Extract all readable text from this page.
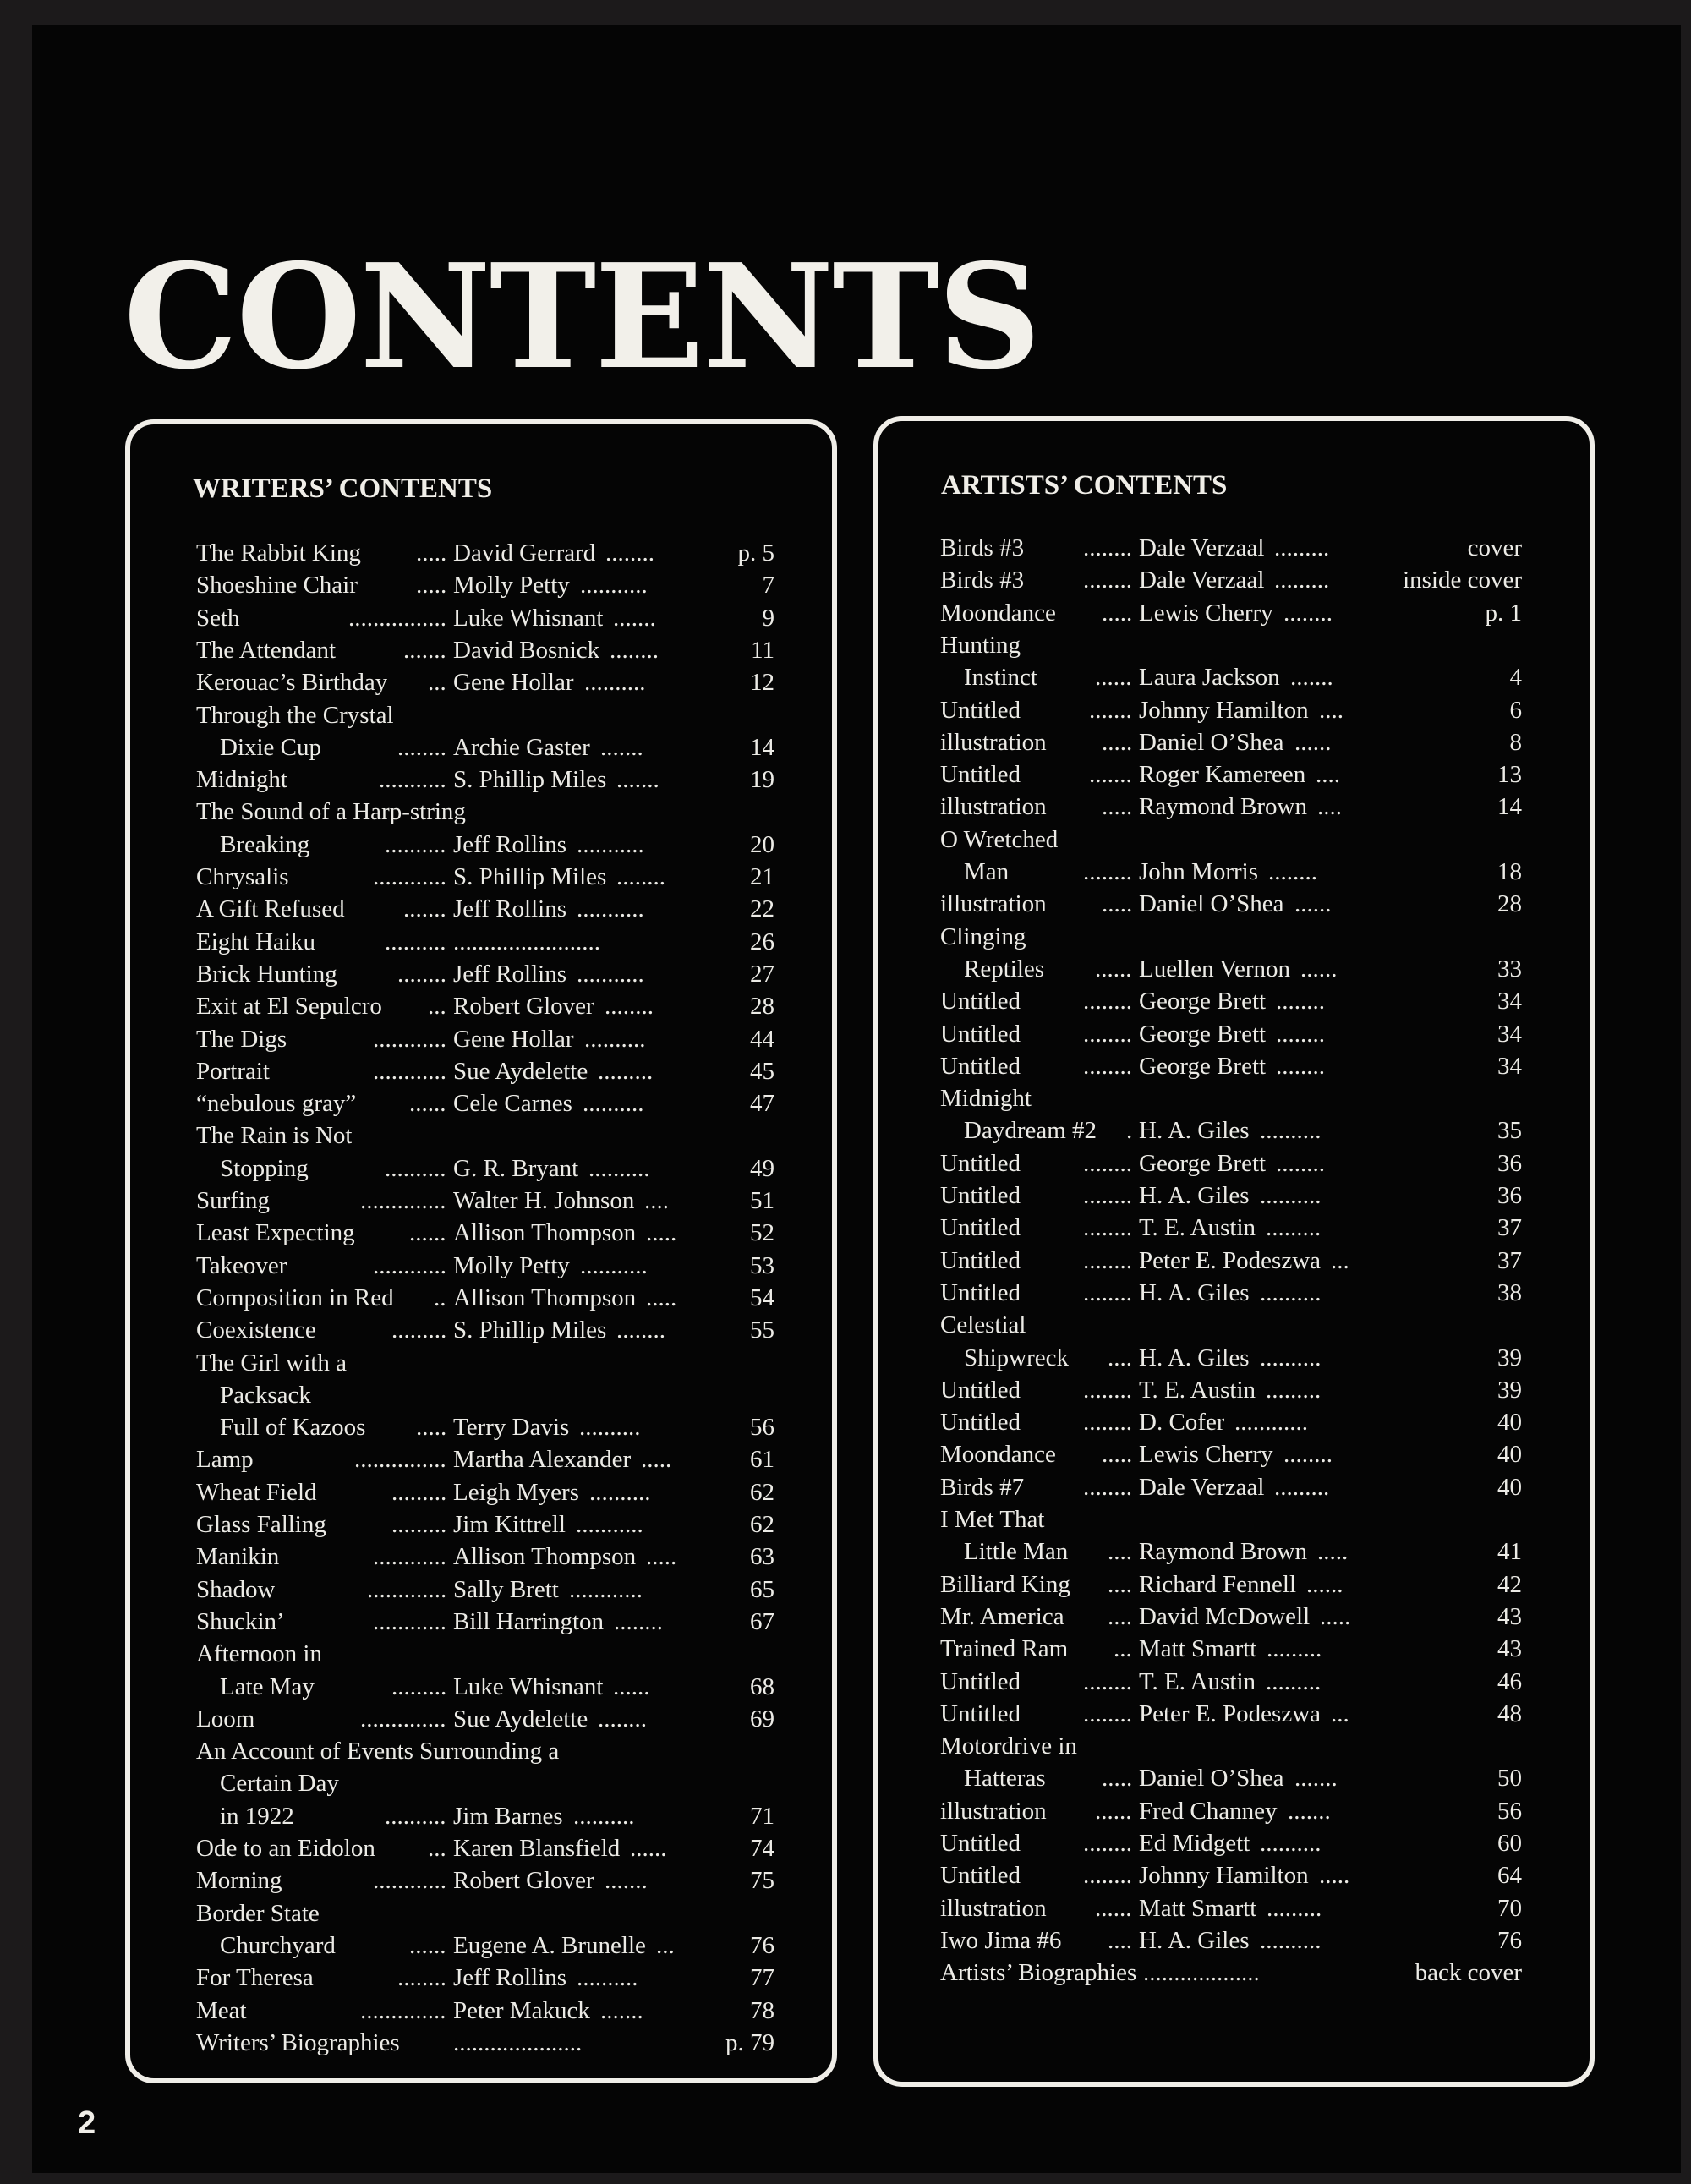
CONTENTS
WRITERS’ CONTENTS
The Rabbit King ..... David Gerrard ........	p. 5
Shoeshine Chair ..... Molly Petty ...........	7
Seth	................ Luke Whisnant .......	9
The Attendant	....... David Bosnick ........	11
Kerouac’s Birthday ... Gene Hollar ..........	12
Through the Crystal
Dixie Cup	........ Archie Gaster .......	14
Midnight	........... S. Phillip Miles .......	19
The Sound of a Harp-string
Breaking	.......... Jeff Rollins ...........	20
Chrysalis	............ S. Phillip Miles ........	21
A Gift Refused ....... Jeff Rollins ...........	22
Eight Haiku	.......... ........................	26
Brick Hunting ........ Jeff Rollins ...........	27
Exit at El Sepulcro ... Robert Glover ........	28
The Digs	............ Gene Hollar ..........	44
Portrait	............ Sue Aydelette .........	45
“nebulous gray” ...... Cele Carnes ..........	47
The Rain is Not
Stopping	.......... G. R. Bryant ..........	49
Surfing	.............. Walter H. Johnson ....	51
Least Expecting ...... Allison Thompson .....	52
Takeover	............ Molly Petty ...........	53
Composition in Red .. Allison Thompson .....	54
Coexistence	......... S. Phillip Miles ........	55
The Girl with a
Packsack
Full of Kazoos ..... Terry Davis ..........	56
Lamp	............... Martha Alexander .....	61
Wheat Field	......... Leigh Myers ..........	62
Glass Falling	......... Jim Kittrell ...........	62
Manikin	............ Allison Thompson .....	63
Shadow	............. Sally Brett ............	65
Shuckin’	............ Bill Harrington ........	67
Afternoon in
Late May	......... Luke Whisnant ......	68
Loom	.............. Sue Aydelette ........	69
An Account of Events Surrounding a
Certain Day
in 1922	.......... Jim Barnes ..........	71
Ode to an Eidolon ... Karen Blansfield ......	74
Morning	............ Robert Glover .......	75
Border State
Churchyard	...... Eugene A. Brunelle ...	76
For Theresa	........ Jeff Rollins ..........	77
Meat	.............. Peter Makuck .......	78
Writers’ Biographies .....................	p. 79
ARTISTS’ CONTENTS
Birds #3 ........ Dale Verzaal .........	cover
Birds #3 ........ Dale Verzaal .........	inside cover
Moondance ..... Lewis Cherry ........	p. 1
Hunting
Instinct ...... Laura Jackson .......	4
Untitled	....... Johnny Hamilton ....	6
illustration ..... Daniel O’Shea ......	8
Untitled	....... Roger Kamereen ....	13
illustration ..... Raymond Brown ....	14
O Wretched
Man	........ John Morris ........	18
illustration ..... Daniel O’Shea ......	28
Clinging
Reptiles ...... Luellen Vernon ......	33
Untitled	........ George Brett ........	34
Untitled	........ George Brett ........	34
Untitled	........ George Brett ........	34
Midnight
Daydream #2 . H. A. Giles ..........	35
Untitled	........ George Brett ........	36
Untitled	........ H. A. Giles ..........	36
Untitled	........ T. E. Austin .........	37
Untitled	........ Peter E. Podeszwa ...	37
Untitled	........ H. A. Giles ..........	38
Celestial
Shipwreck .... H. A. Giles ..........	39
Untitled	........ T. E. Austin .........	39
Untitled	........ D. Cofer ............	40
Moondance ..... Lewis Cherry ........	40
Birds #7 ........ Dale Verzaal .........	40
I Met That
Little Man .... Raymond Brown .....	41
Billiard King .... Richard Fennell ......	42
Mr. America .... David McDowell .....	43
Trained Ram ... Matt Smartt .........	43
Untitled	........ T. E. Austin .........	46
Untitled	........ Peter E. Podeszwa ...	48
Motordrive in
Hatteras ..... Daniel O’Shea .......	50
illustration ...... Fred Channey .......	56
Untitled	........ Ed Midgett ..........	60
Untitled	........ Johnny Hamilton .....	64
illustration ...... Matt Smartt .........	70
Iwo Jima #6 .... H. A. Giles ..........	76
Artists’ Biographies ...................	back cover
2
